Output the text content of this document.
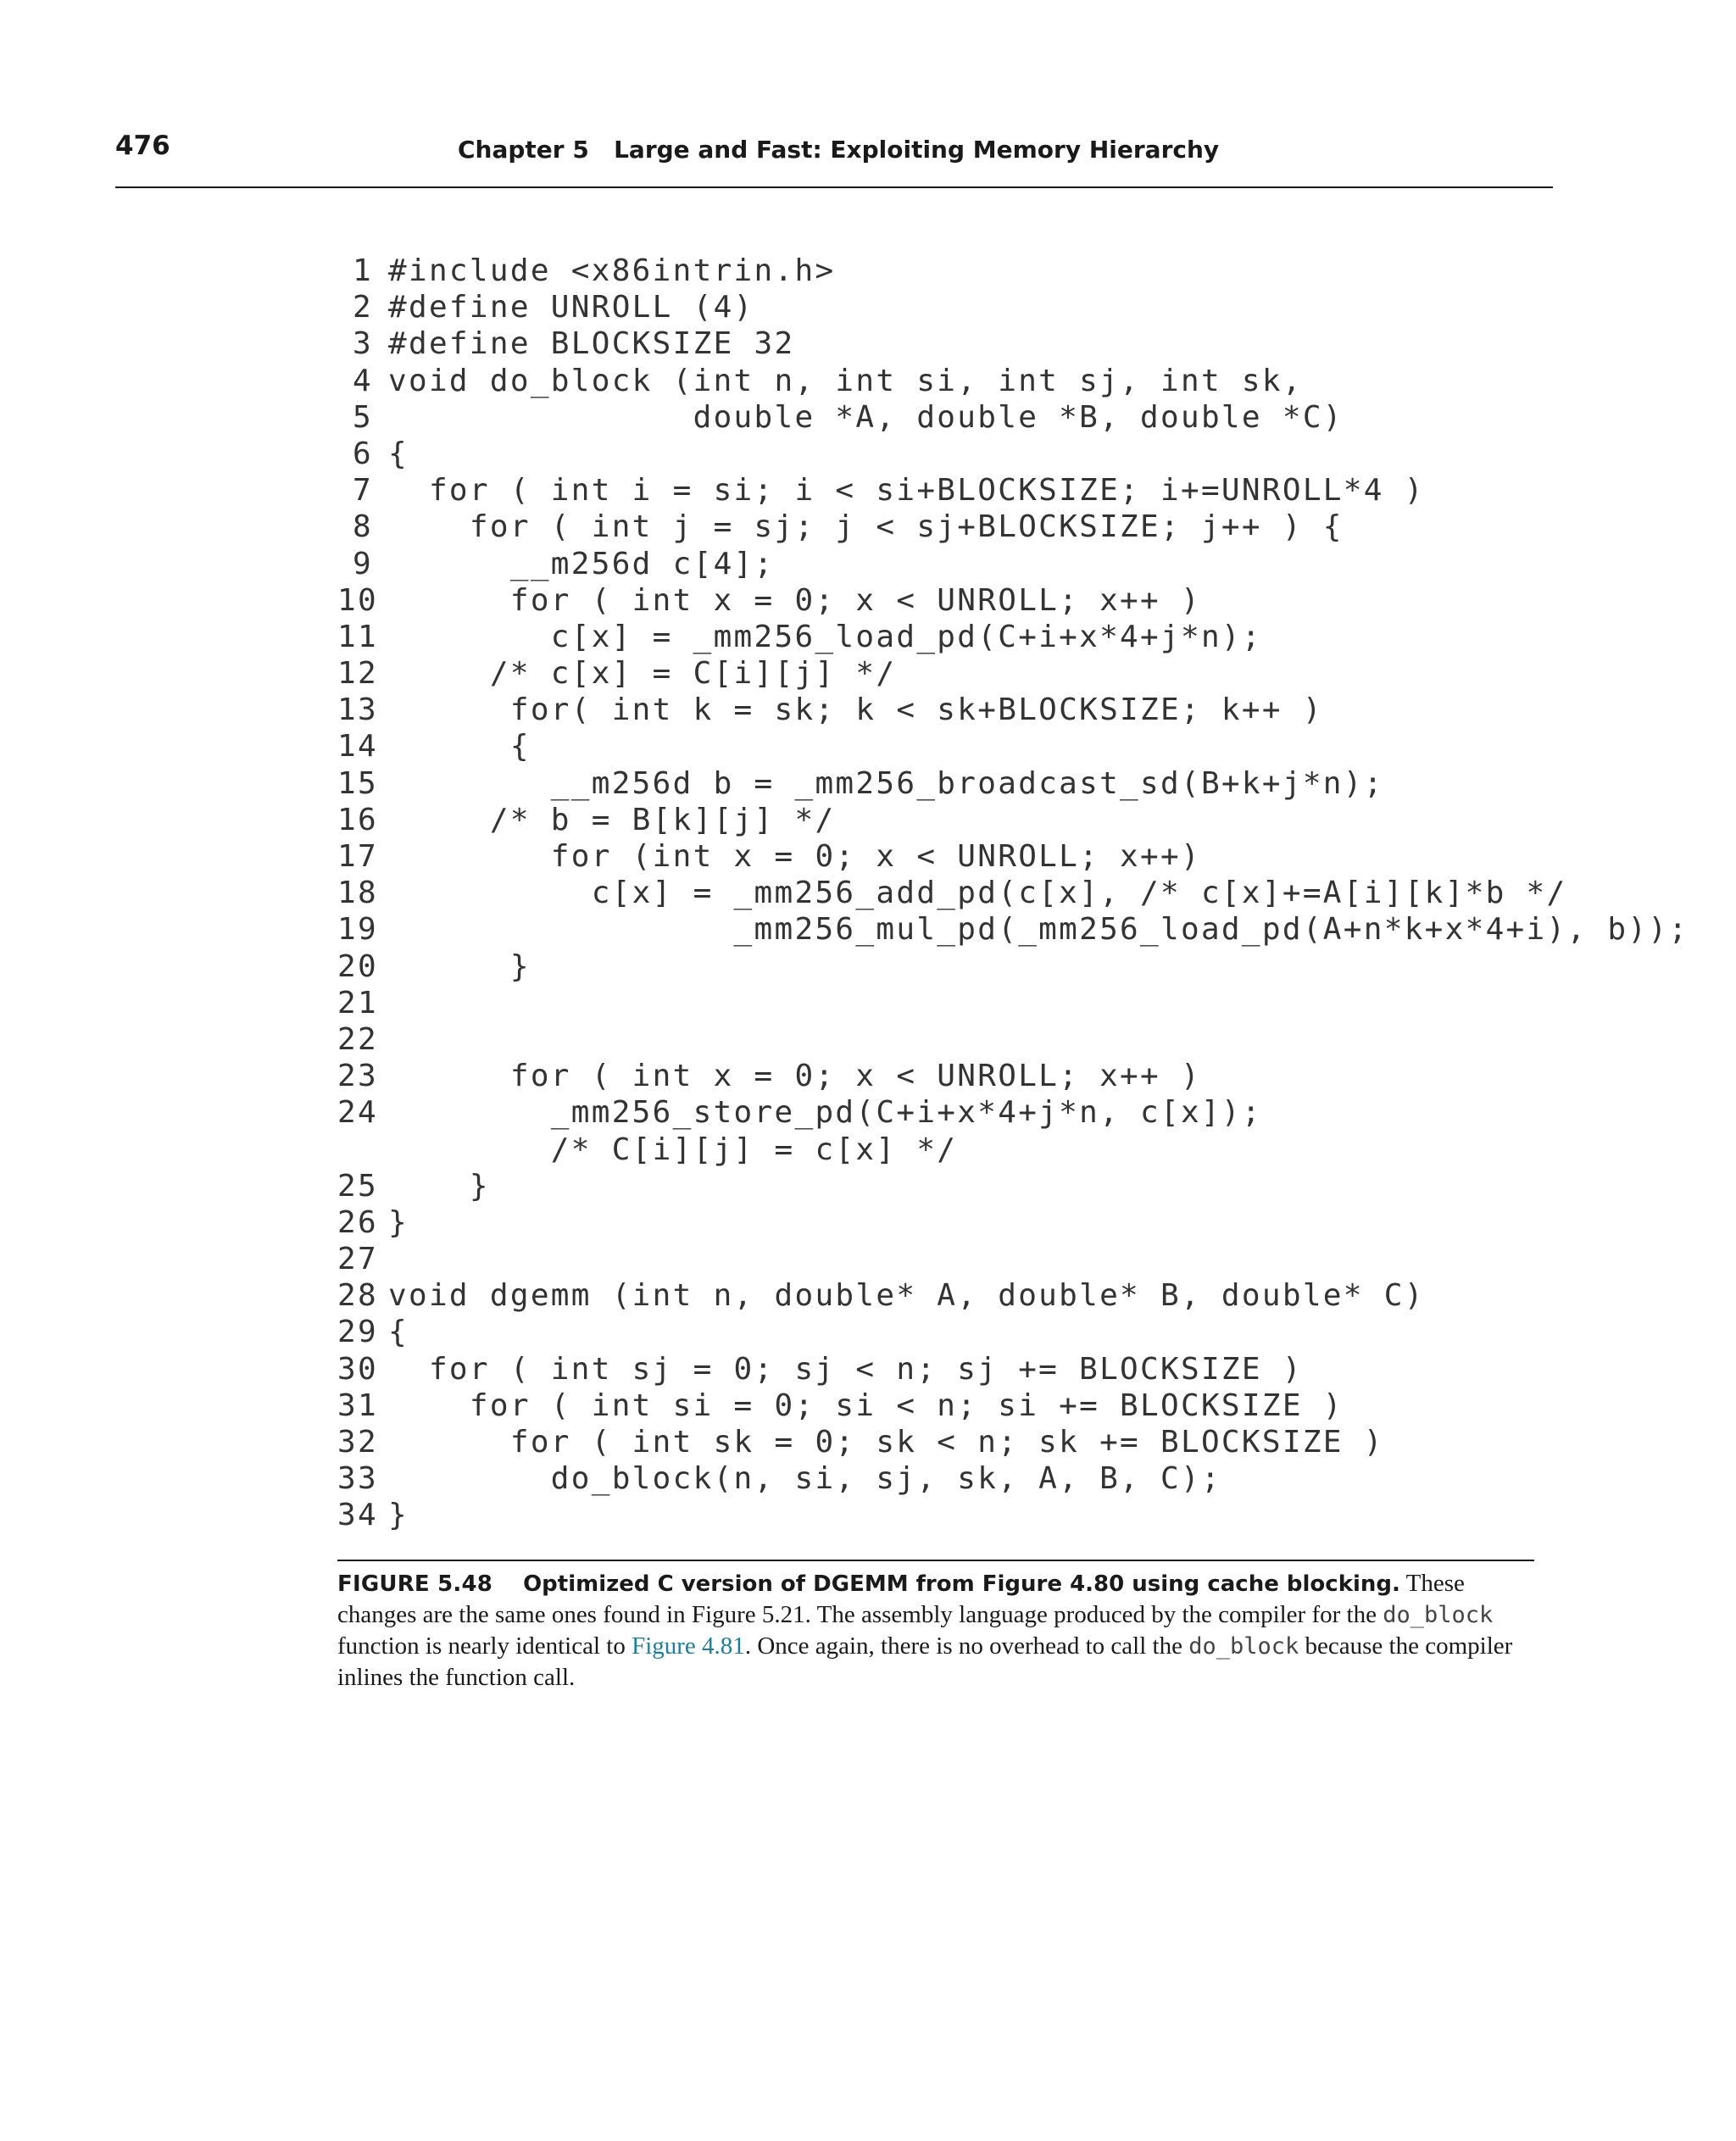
476	Chapter 5   Large and Fast: Exploiting Memory Hierarchy
1 #include <x86intrin.h>
2 #define UNROLL (4)
3 #define BLOCKSIZE 32
4 void do_block (int n, int si, int sj, int sk,
5 double *A, double *B, double *C)
6 {
7 for ( int i = si; i < si+BLOCKSIZE; i+=UNROLL*4 )
8 for ( int j = sj; j < sj+BLOCKSIZE; j++ ) {
9 __m256d c[4];
10 for ( int x = 0; x < UNROLL; x++ )
11 c[x] = _mm256_load_pd(C+i+x*4+j*n);
12 /* c[x] = C[i][j] */
13 for( int k = sk; k < sk+BLOCKSIZE; k++ )
14 {
15 __m256d b = _mm256_broadcast_sd(B+k+j*n);
16 /* b = B[k][j] */
17 for (int x = 0; x < UNROLL; x++)
18 c[x] = _mm256_add_pd(c[x], /* c[x]+=A[i][k]*b */
19 _mm256_mul_pd(_mm256_load_pd(A+n*k+x*4+i), b));
20 }
21
22
23 for ( int x = 0; x < UNROLL; x++ )
24 _mm256_store_pd(C+i+x*4+j*n, c[x]);
/* C[i][j] = c[x] */
25 }
26 }
27
28 void dgemm (int n, double* A, double* B, double* C)
29 {
30 for ( int sj = 0; sj < n; sj += BLOCKSIZE )
31 for ( int si = 0; si < n; si += BLOCKSIZE )
32 for ( int sk = 0; sk < n; sk += BLOCKSIZE )
33 do_block(n, si, sj, sk, A, B, C);
34 }
FIGURE 5.48 Optimized C version of DGEMM from Figure 4.80 using cache blocking. These changes are the same ones found in Figure 5.21. The assembly language produced by the compiler for the do_block function is nearly identical to Figure 4.81. Once again, there is no overhead to call the do_block because the compiler inlines the function call.
